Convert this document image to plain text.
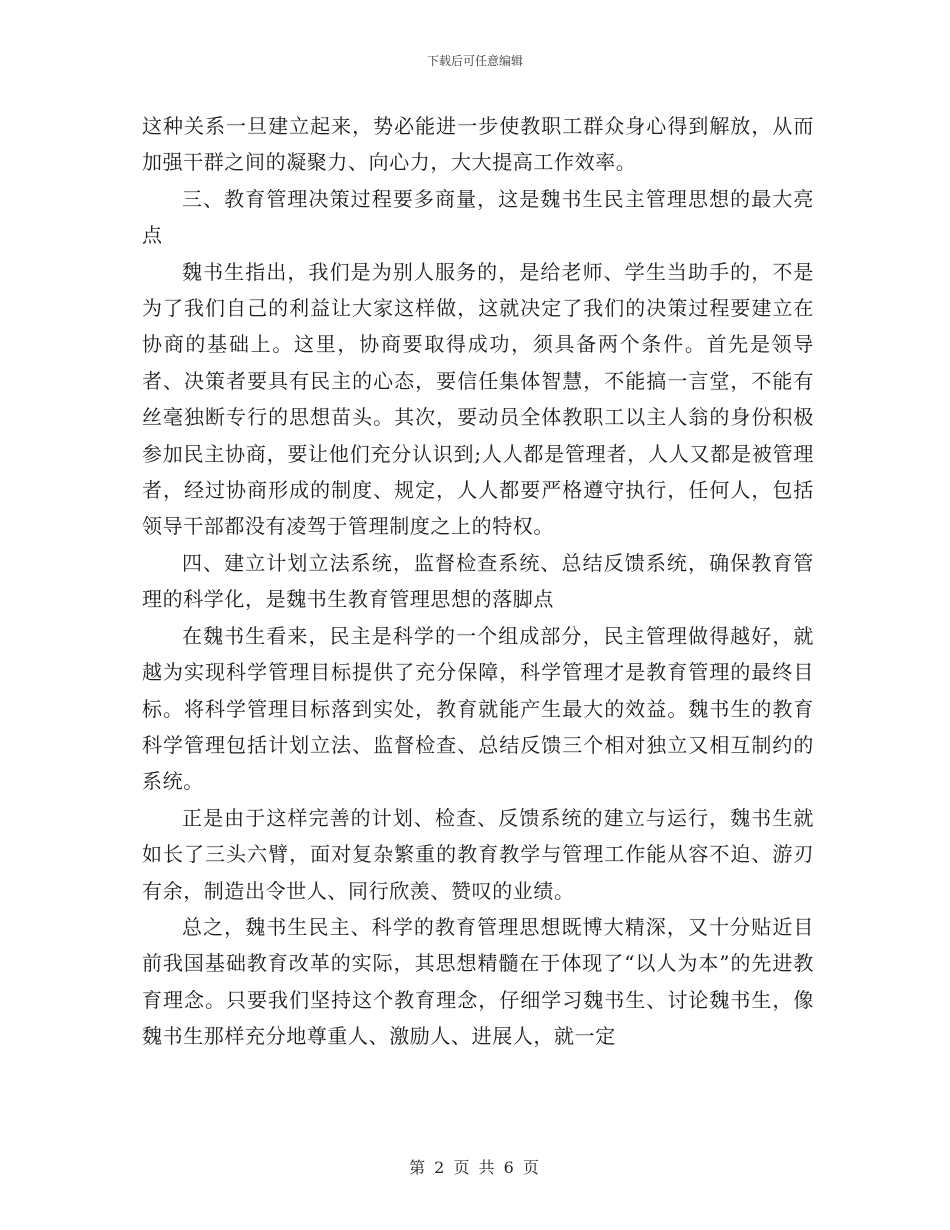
下载后可任意编辑

这种关系一旦建立起来，势必能进一步使教职工群众身心得到解放，从而加强干群之间的凝聚力、向心力，大大提高工作效率。

三、教育管理决策过程要多商量，这是魏书生民主管理思想的最大亮点

魏书生指出，我们是为别人服务的，是给老师、学生当助手的，不是为了我们自己的利益让大家这样做，这就决定了我们的决策过程要建立在协商的基础上。这里，协商要取得成功，须具备两个条件。首先是领导者、决策者要具有民主的心态，要信任集体智慧，不能搞一言堂，不能有丝毫独断专行的思想苗头。其次，要动员全体教职工以主人翁的身份积极参加民主协商，要让他们充分认识到;人人都是管理者，人人又都是被管理者，经过协商形成的制度、规定，人人都要严格遵守执行，任何人，包括领导干部都没有凌驾于管理制度之上的特权。

四、建立计划立法系统，监督检查系统、总结反馈系统，确保教育管理的科学化，是魏书生教育管理思想的落脚点

在魏书生看来，民主是科学的一个组成部分，民主管理做得越好，就越为实现科学管理目标提供了充分保障，科学管理才是教育管理的最终目标。将科学管理目标落到实处，教育就能产生最大的效益。魏书生的教育科学管理包括计划立法、监督检查、总结反馈三个相对独立又相互制约的系统。

正是由于这样完善的计划、检查、反馈系统的建立与运行，魏书生就如长了三头六臂，面对复杂繁重的教育教学与管理工作能从容不迫、游刃有余，制造出令世人、同行欣羡、赞叹的业绩。

总之，魏书生民主、科学的教育管理思想既博大精深，又十分贴近目前我国基础教育改革的实际，其思想精髓在于体现了“以人为本”的先进教育理念。只要我们坚持这个教育理念，仔细学习魏书生、讨论魏书生，像魏书生那样充分地尊重人、激励人、进展人，就一定

第 2 页 共 6 页
